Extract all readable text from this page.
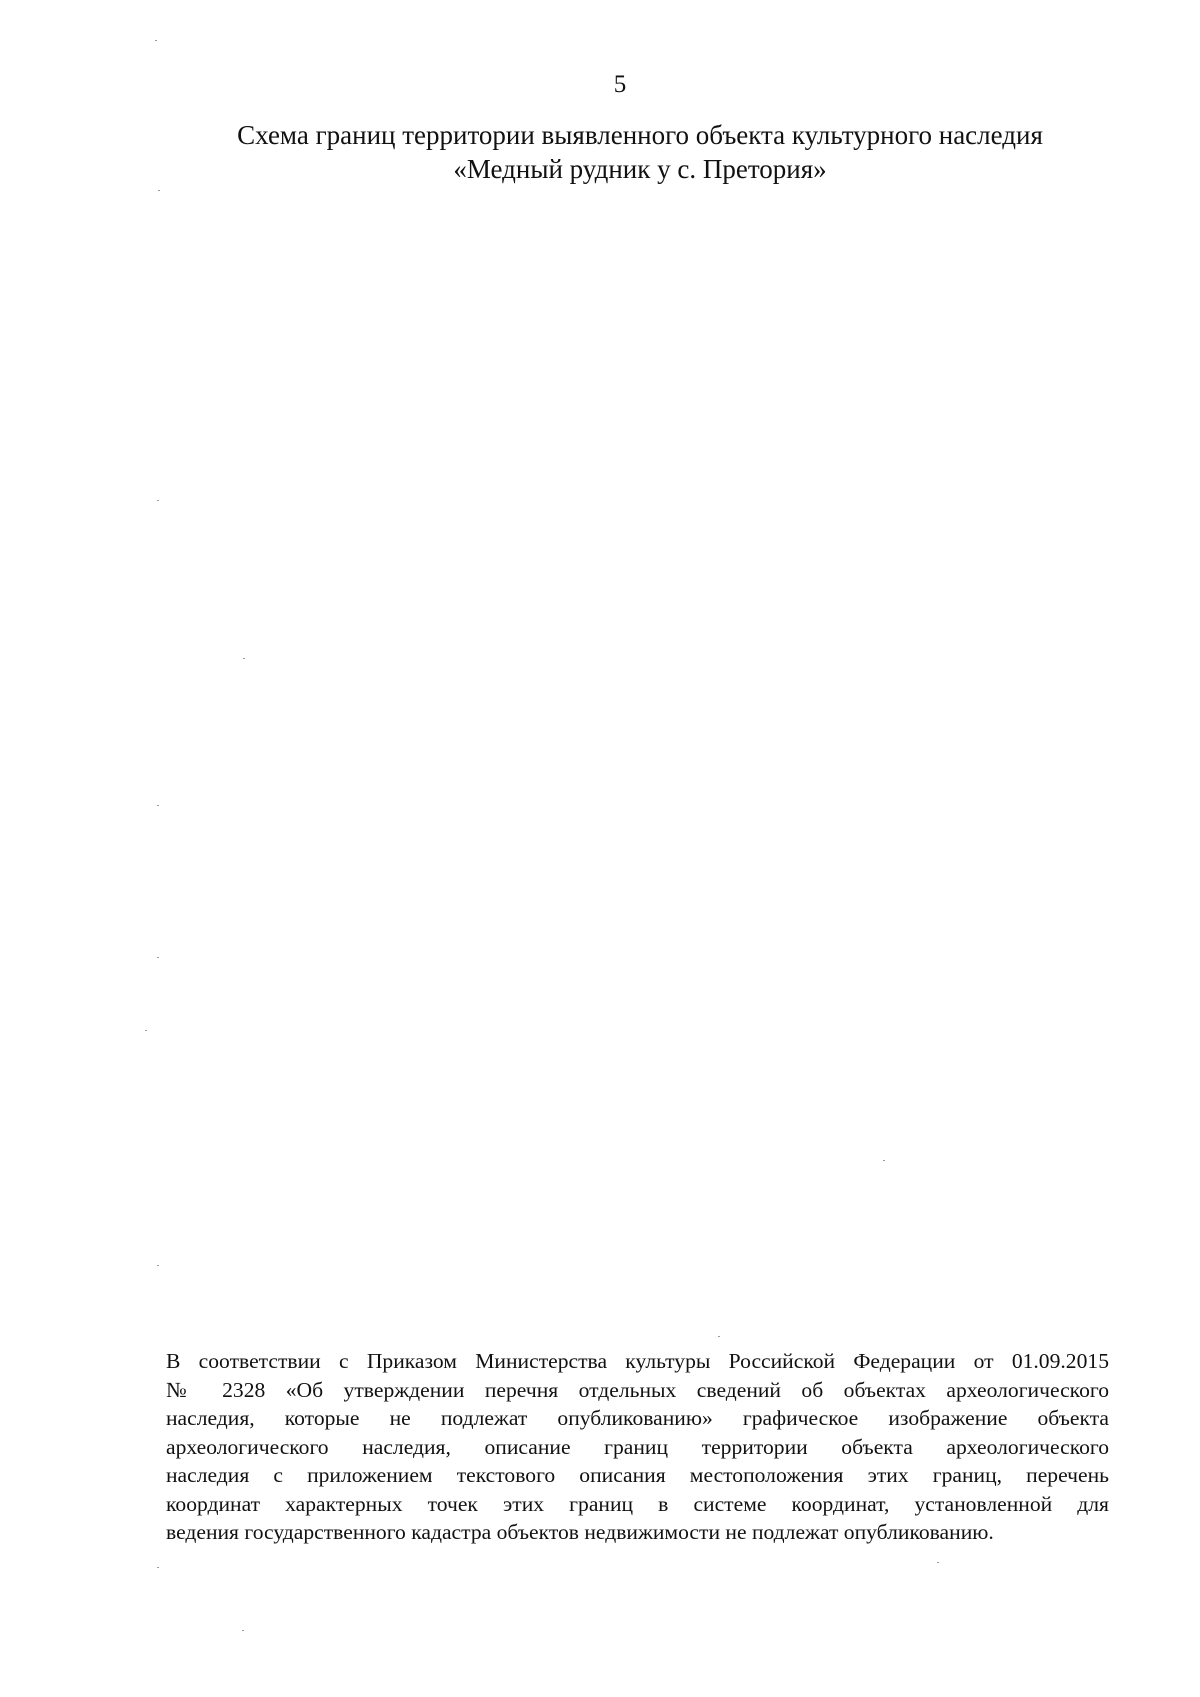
5
Схема границ территории выявленного объекта культурного наследия
«Медный рудник у с. Претория»
В соответствии с Приказом Министерства культуры Российской Федерации от 01.09.2015
№ 2328 «Об утверждении перечня отдельных сведений об объектах археологического
наследия, которые не подлежат опубликованию» графическое изображение объекта
археологического наследия, описание границ территории объекта археологического
наследия с приложением текстового описания местоположения этих границ, перечень
координат характерных точек этих границ в системе координат, установленной для
ведения государственного кадастра объектов недвижимости не подлежат опубликованию.
